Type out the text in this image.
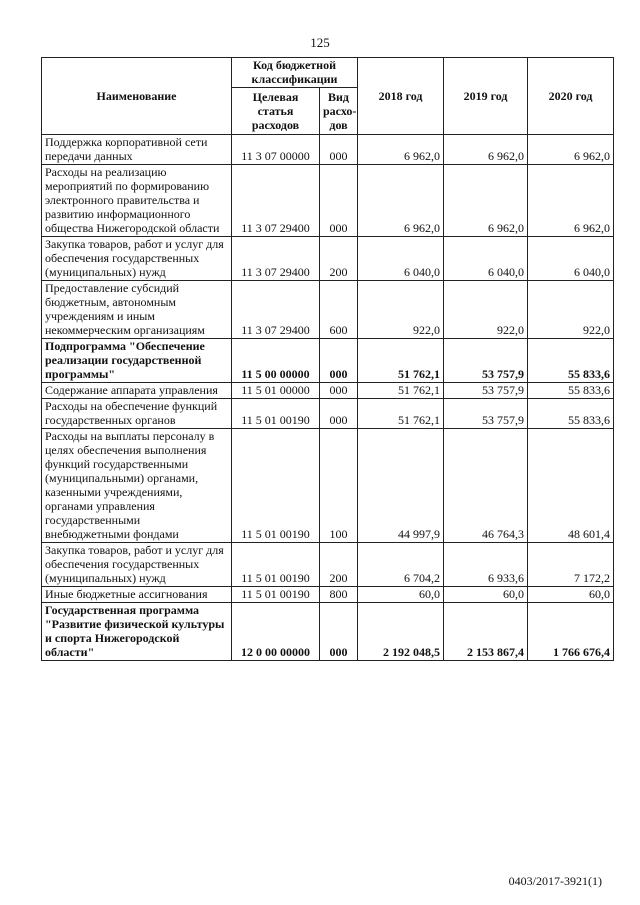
125
Наименование	Код бюджетной классификации		2018 год	2019 год	2020 год
	Целевая статья расходов	Вид расхо-дов			
Поддержка корпоративной сети передачи данных	11 3 07 00000	000	6 962,0	6 962,0	6 962,0
Расходы на реализацию мероприятий по формированию электронного правительства и развитию информационного общества Нижегородской области	11 3 07 29400	000	6 962,0	6 962,0	6 962,0
Закупка товаров, работ и услуг для обеспечения государственных (муниципальных) нужд	11 3 07 29400	200	6 040,0	6 040,0	6 040,0
Предоставление субсидий бюджетным, автономным учреждениям и иным некоммерческим организациям	11 3 07 29400	600	922,0	922,0	922,0
Подпрограмма "Обеспечение реализации государственной программы"	11 5 00 00000	000	51 762,1	53 757,9	55 833,6
Содержание аппарата управления	11 5 01 00000	000	51 762,1	53 757,9	55 833,6
Расходы на обеспечение функций государственных органов	11 5 01 00190	000	51 762,1	53 757,9	55 833,6
Расходы на выплаты персоналу в целях обеспечения выполнения функций государственными (муниципальными) органами, казенными учреждениями, органами управления государственными внебюджетными фондами	11 5 01 00190	100	44 997,9	46 764,3	48 601,4
Закупка товаров, работ и услуг для обеспечения государственных (муниципальных) нужд	11 5 01 00190	200	6 704,2	6 933,6	7 172,2
Иные бюджетные ассигнования	11 5 01 00190	800	60,0	60,0	60,0
Государственная программа "Развитие физической культуры и спорта Нижегородской области"	12 0 00 00000	000	2 192 048,5	2 153 867,4	1 766 676,4
0403/2017-3921(1)
